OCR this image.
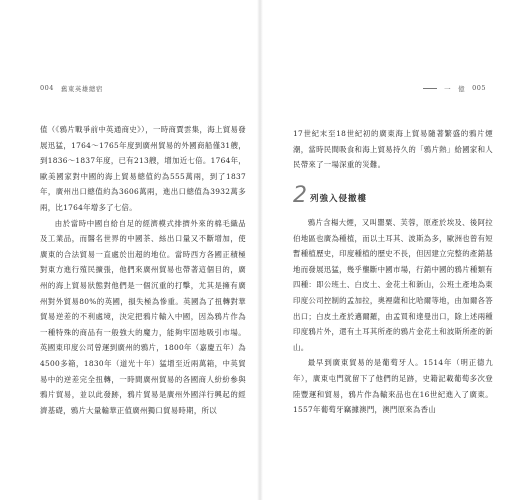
004 舊東英雄總宿

值（《鴉片戰爭前中英通商史》），一時商賈雲集，海上貿易發展迅猛，1764～1765年度到廣州貿易的外國商船僅31艘，到1836～1837年度，已有213艘，增加近七倍。1764年，歐美國家對中國的海上貿易總值約為555萬兩，到了1837年，廣州出口總值約為3606萬兩，進出口總值為3932萬多兩，比1764年增多了七倍。

由於當時中國自給自足的經濟模式排擠外來的棉毛織品及工業品，而醫名世界的中國茶、絲出口量又不斷增加，使廣東的合法貿易一直處於出超的地位。當時西方各國正積極對東方進行殖民擴張，他們來廣州貿易也帶著這個目的，廣州的海上貿易狀態對他們是一個沉重的打擊，尤其是擁有廣州對外貿易80%的英國，損失極為慘重。英國為了扭轉對華貿易逆差的不利處境，決定把鴉片輸入中國，因為鴉片作為一種特殊的商品有一般強大的魔力，能夠牢固地吸引市場。英國東印度公司曾運到廣州的鴉片，1800年（嘉慶五年）為4500多箱，1830年（道光十年）猛增至近兩萬箱，中英貿易中的逆差完全扭轉，一時間廣州貿易的各國商人紛紛參與鴉片貿易，並以此發跡，鴉片貿易是廣州外國洋行興起的經濟基礎，鴉片大量輸華正值廣州獨口貿易時期，所以

一　億 005

17世紀末至18世紀初的廣東海上貿易隨著繁盛的鴉片煙潮，當時民間吸食和海上貿易持久的「鴉片熱」給國家和人民帶來了一場深重的災難。

2 列強入侵撤樓

鴉片含楊大煙，又叫罌粟、芙蓉，原產於埃及、後阿拉伯地區也廣為種植，而以土耳其、波斯為多，歐洲也曾有短暫種植歷史，印度種植的歷史不長，但因建立完整的產銷基地而發展迅猛，幾乎壟斷中國市場，行銷中國的鴉片種類有四種：即公班土、白皮土、金花土和新山，公班土產地為東印度公司控制的孟加拉，奧裡薩和比哈爾等地，由加爾各答出口；白皮土產於邁爾羅，由孟買和達曼出口，除上述兩種印度鴉片外，還有土耳其所產的鴉片金花土和波斯所產的新山。

最早到廣東貿易的是葡萄牙人。1514年（明正德九年），廣東屯門就留下了他們的足跡，史籍記載葡萄多次登陸豐運和貿易，鴉片作為輸來品也在16世紀進入了廣東。1557年葡萄牙竊據澳門，澳門原來為香山
